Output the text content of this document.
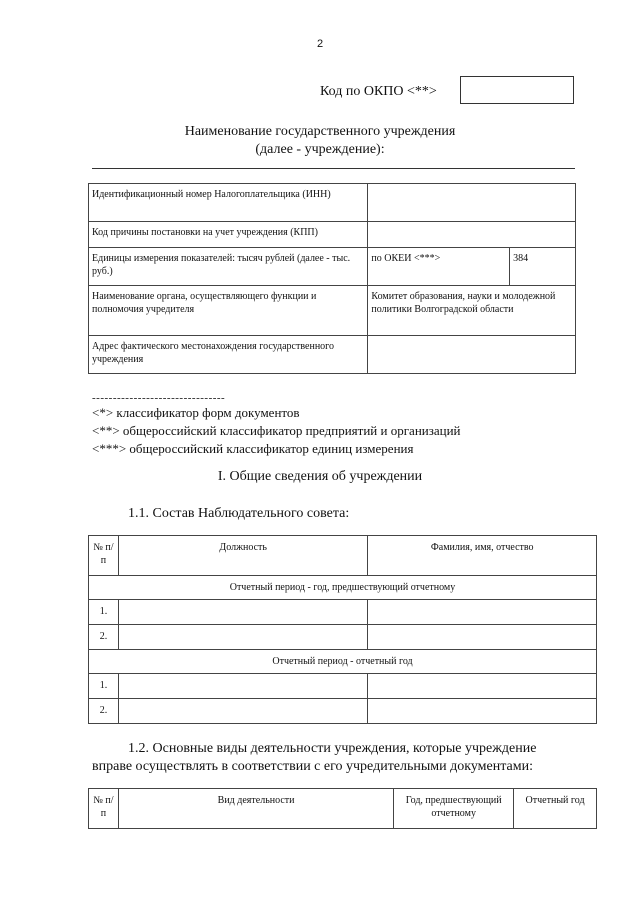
2
Код по ОКПО <**>
Наименование государственного учреждения
(далее - учреждение):
Идентификационный номер Налогоплательщика (ИНН)		
Код причины постановки на учет учреждения (КПП)		
Единицы измерения показателей: тысяч рублей (далее - тыс. руб.)	по ОКЕИ <***>	384
Наименование органа, осуществляющего функции и полномочия учредителя	Комитет образования, науки и молодежной политики Волгоградской области	
Адрес фактического местонахождения государственного учреждения		
--------------------------------
<*> классификатор форм документов
<**> общероссийский классификатор предприятий и организаций
<***> общероссийский классификатор единиц измерения
I. Общие сведения об учреждении
1.1. Состав Наблюдательного совета:
№ п/п	Должность	Фамилия, имя, отчество
Отчетный период - год, предшествующий отчетному		
1.		
2.		
Отчетный период - отчетный год		
1.		
2.		
1.2. Основные виды деятельности учреждения, которые учреждение
вправе осуществлять в соответствии с его учредительными документами:
№ п/п	Вид деятельности	Год, предшествующий отчетному	Отчетный год
